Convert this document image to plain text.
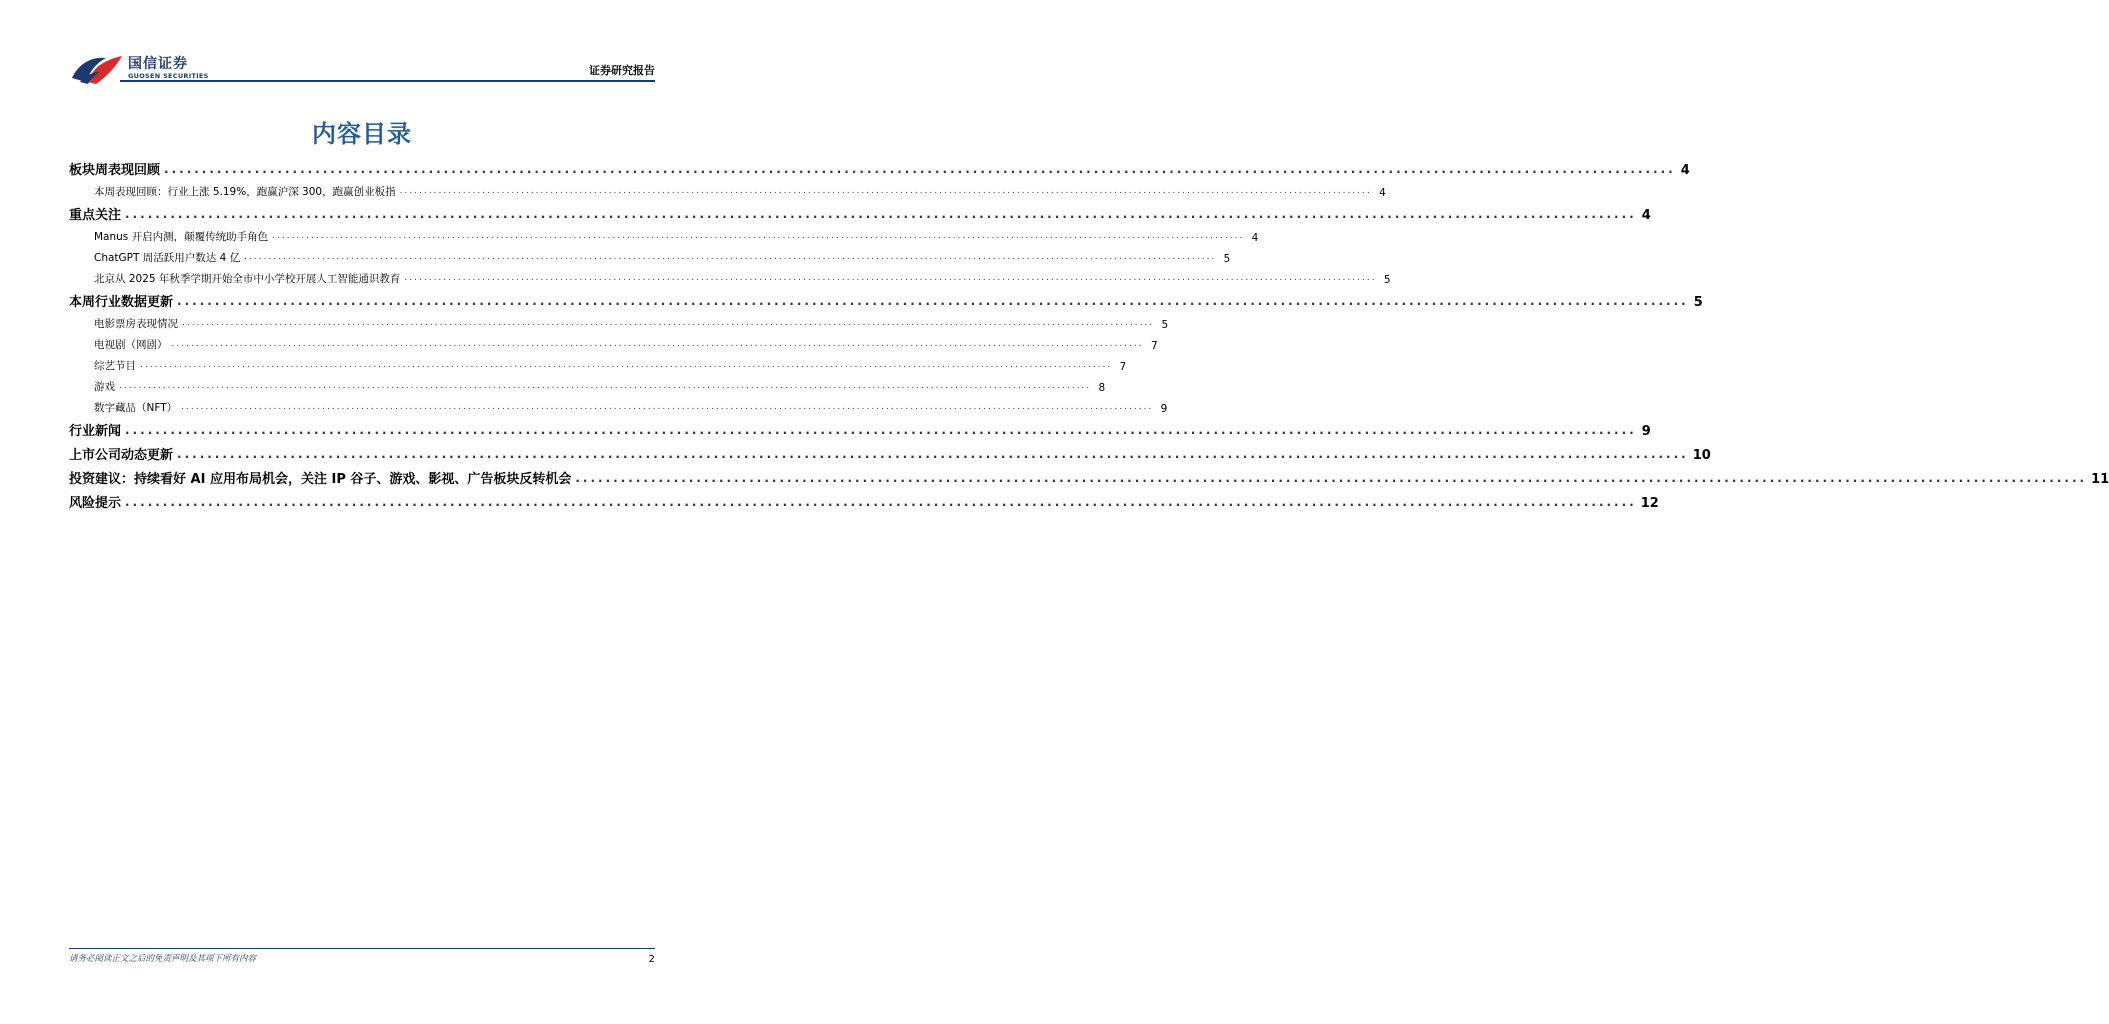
国信证券
GUOSEN SECURITIES	证券研究报告
内容目录
板块周表现回顾 ........................................................................................................................................................................................................ 4
本周表现回顾：行业上涨 5.19%，跑赢沪深 300，跑赢创业板指 ........................................................................................................................................................................................................ 4
重点关注 ........................................................................................................................................................................................................ 4
Manus 开启内测，颠覆传统助手角色 ........................................................................................................................................................................................................ 4
ChatGPT 周活跃用户数达 4 亿 ........................................................................................................................................................................................................ 5
北京从 2025 年秋季学期开始全市中小学校开展人工智能通识教育 ........................................................................................................................................................................................................ 5
本周行业数据更新 ........................................................................................................................................................................................................ 5
电影票房表现情况 ........................................................................................................................................................................................................ 5
电视剧（网剧） ........................................................................................................................................................................................................ 7
综艺节目 ........................................................................................................................................................................................................ 7
游戏 ........................................................................................................................................................................................................ 8
数字藏品（NFT） ........................................................................................................................................................................................................ 9
行业新闻 ........................................................................................................................................................................................................ 9
上市公司动态更新 ........................................................................................................................................................................................................ 10
投资建议：持续看好 AI 应用布局机会，关注 IP 谷子、游戏、影视、广告板块反转机会 ........................................................................................................................................................................................................ 11
风险提示 ........................................................................................................................................................................................................ 12
请务必阅读正文之后的免责声明及其项下所有内容	2
